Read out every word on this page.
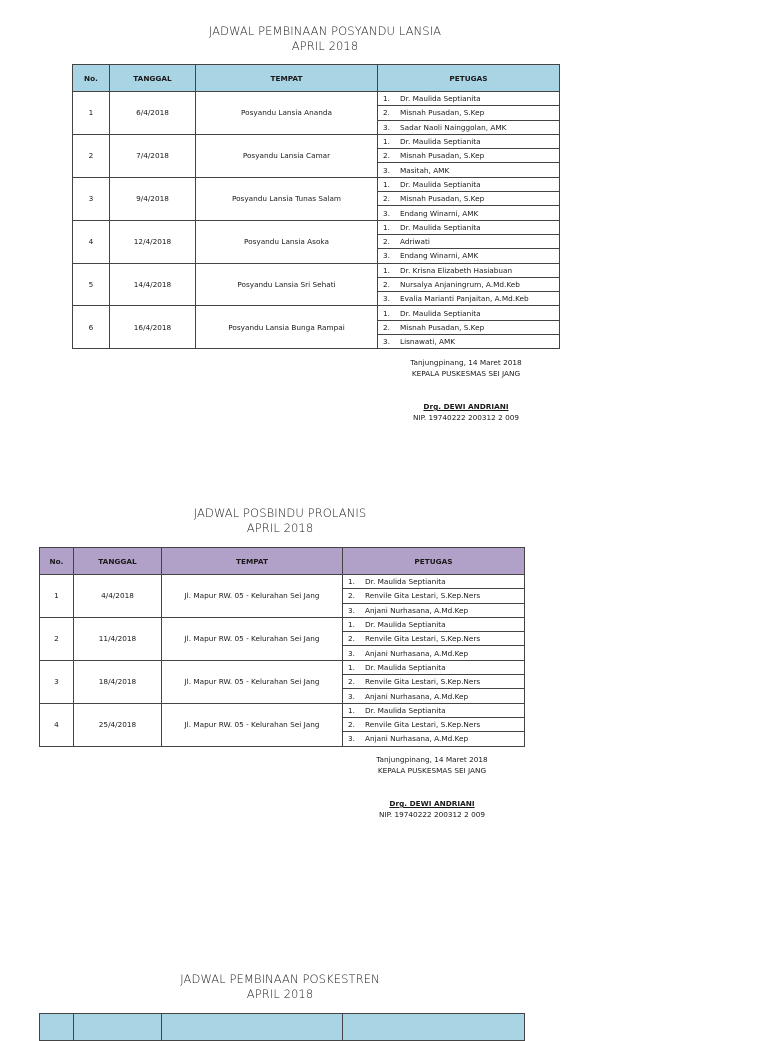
JADWAL PEMBINAAN POSYANDU LANSIA
APRIL 2018
No.	TANGGAL	TEMPAT	PETUGAS
1	6/4/2018	Posyandu Lansia Ananda	1. Dr. Maulida Septianita
			2. Misnah Pusadan, S.Kep
			3. Sadar Naoli Nainggolan, AMK
2	7/4/2018	Posyandu Lansia Camar	1. Dr. Maulida Septianita
			2. Misnah Pusadan, S.Kep
			3. Masitah, AMK
3	9/4/2018	Posyandu Lansia Tunas Salam	1. Dr. Maulida Septianita
			2. Misnah Pusadan, S.Kep
			3. Endang Winarni, AMK
4	12/4/2018	Posyandu Lansia Asoka	1. Dr. Maulida Septianita
			2. Adriwati
			3. Endang Winarni, AMK
5	14/4/2018	Posyandu Lansia Sri Sehati	1. Dr. Krisna Elizabeth Hasiabuan
			2. Nursalya Anjaningrum, A.Md.Keb
			3. Evalia Marianti Panjaitan, A.Md.Keb
6	16/4/2018	Posyandu Lansia Bunga Rampai	1. Dr. Maulida Septianita
			2. Misnah Pusadan, S.Kep
			3. Lisnawati, AMK
Tanjungpinang, 14 Maret 2018
KEPALA PUSKESMAS SEI JANG
Drg. DEWI ANDRIANI
NIP. 19740222 200312 2 009
JADWAL POSBINDU PROLANIS
APRIL 2018
No.	TANGGAL	TEMPAT	PETUGAS
1	4/4/2018	Jl. Mapur RW. 05 - Kelurahan Sei Jang	1. Dr. Maulida Septianita
			2. Renvile Gita Lestari, S.Kep.Ners
			3. Anjani Nurhasana, A.Md.Kep
2	11/4/2018	Jl. Mapur RW. 05 - Kelurahan Sei Jang	1. Dr. Maulida Septianita
			2. Renvile Gita Lestari, S.Kep.Ners
			3. Anjani Nurhasana, A.Md.Kep
3	18/4/2018	Jl. Mapur RW. 05 - Kelurahan Sei Jang	1. Dr. Maulida Septianita
			2. Renvile Gita Lestari, S.Kep.Ners
			3. Anjani Nurhasana, A.Md.Kep
4	25/4/2018	Jl. Mapur RW. 05 - Kelurahan Sei Jang	1. Dr. Maulida Septianita
			2. Renvile Gita Lestari, S.Kep.Ners
			3. Anjani Nurhasana, A.Md.Kep
Tanjungpinang, 14 Maret 2018
KEPALA PUSKESMAS SEI JANG
Drg. DEWI ANDRIANI
NIP. 19740222 200312 2 009
JADWAL PEMBINAAN POSKESTREN
APRIL 2018
